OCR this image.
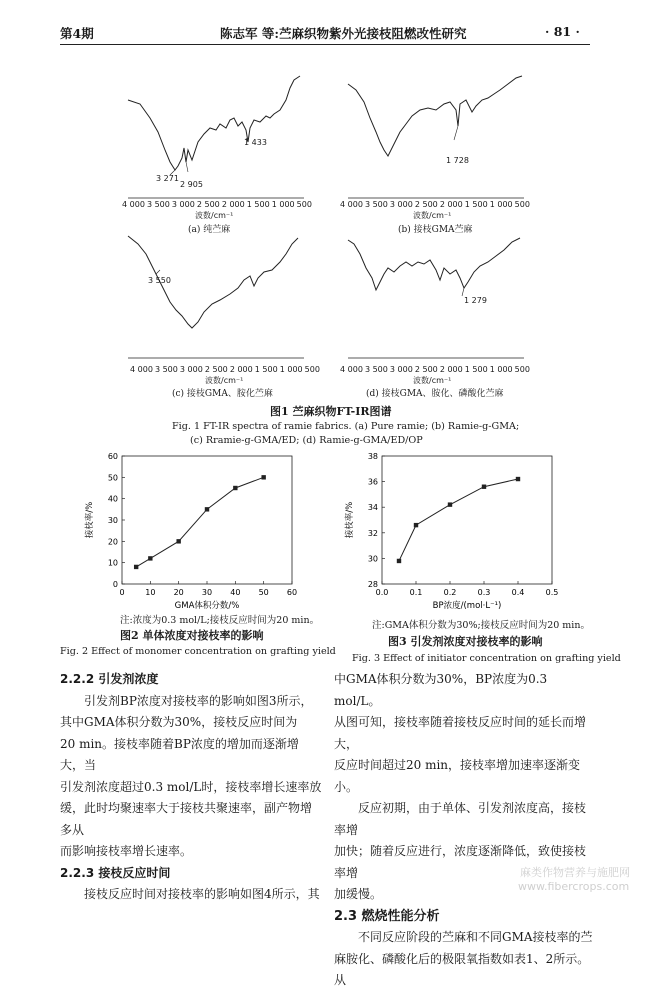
第4期	陈志军 等:苎麻织物紫外光接枝阻燃改性研究	· 81 ·
3 271
2 905
1 433
4 000 3 500 3 000 2 500 2 000 1 500 1 000 500
波数/cm⁻¹
(a) 纯苎麻
1 728
4 000 3 500 3 000 2 500 2 000 1 500 1 000 500
波数/cm⁻¹
(b) 接枝GMA苎麻
3 550
4 000 3 500 3 000 2 500 2 000 1 500 1 000 500
波数/cm⁻¹
(c) 接枝GMA、胺化苎麻
1 279
4 000 3 500 3 000 2 500 2 000 1 500 1 000 500
波数/cm⁻¹
(d) 接枝GMA、胺化、磷酸化苎麻
图1 苎麻织物FT-IR图谱
Fig. 1 FT-IR spectra of ramie fabrics. (a) Pure ramie; (b) Ramie-g-GMA;
(c) Rramie-g-GMA/ED; (d) Ramie-g-GMA/ED/OP
0	10 20 30 40 50 60
0
10
20
30
40
50
60
GMA体积分数/%
接枝率/%
注:浓度为0.3 mol/L;接枝反应时间为20 min。
图2 单体浓度对接枝率的影响
Fig. 2 Effect of monomer concentration on grafting yield
0.0	0.1	0.2	0.3	0.4	0.5
28
30
32
34
36
38
BP浓度/(mol·L⁻¹)
接枝率/%
注:GMA体积分数为30%;接枝反应时间为20 min。
图3 引发剂浓度对接枝率的影响
Fig. 3 Effect of initiator concentration on grafting yield
2.2.2 引发剂浓度
引发剂BP浓度对接枝率的影响如图3所示，
其中GMA体积分数为30%，接枝反应时间为
20 min。接枝率随着BP浓度的增加而逐渐增大，当
引发剂浓度超过0.3 mol/L时，接枝率增长速率放
缓，此时均聚速率大于接枝共聚速率，副产物增多从
而影响接枝率增长速率。
2.2.3 接枝反应时间
接枝反应时间对接枝率的影响如图4所示，其
中GMA体积分数为30%，BP浓度为0.3 mol/L。
从图可知，接枝率随着接枝反应时间的延长而增大，
反应时间超过20 min，接枝率增加速率逐渐变小。
反应初期，由于单体、引发剂浓度高，接枝率增
加快；随着反应进行，浓度逐渐降低，致使接枝率增
加缓慢。
2.3 燃烧性能分析
不同反应阶段的苎麻和不同GMA接枝率的苎
麻胺化、磷酸化后的极限氧指数如表1、2所示。从
麻类作物营养与施肥网
www.fibercrops.com
